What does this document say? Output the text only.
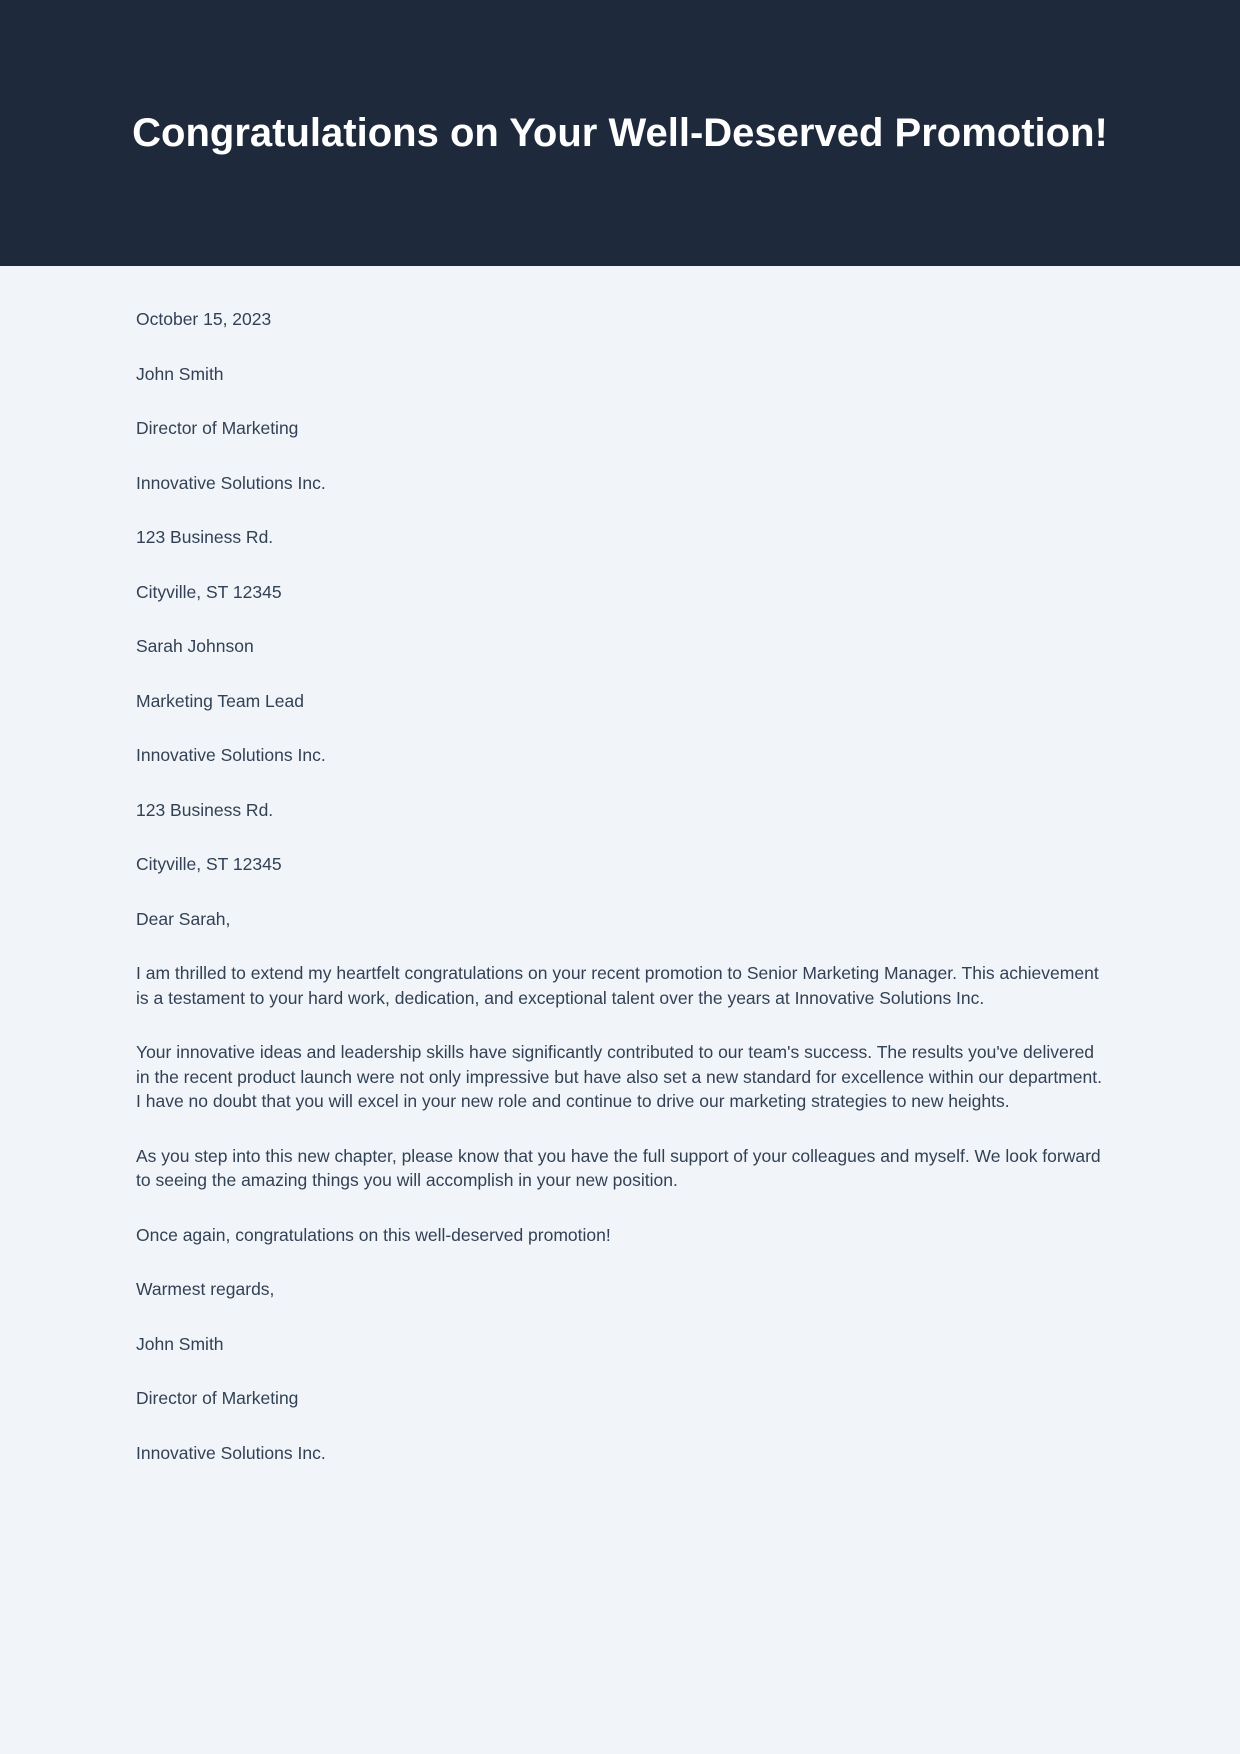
Congratulations on Your Well-Deserved Promotion!

October 15, 2023

John Smith

Director of Marketing

Innovative Solutions Inc.

123 Business Rd.

Cityville, ST 12345

Sarah Johnson

Marketing Team Lead

Innovative Solutions Inc.

123 Business Rd.

Cityville, ST 12345

Dear Sarah,

I am thrilled to extend my heartfelt congratulations on your recent promotion to Senior Marketing Manager. This achievement is a testament to your hard work, dedication, and exceptional talent over the years at Innovative Solutions Inc.

Your innovative ideas and leadership skills have significantly contributed to our team's success. The results you've delivered in the recent product launch were not only impressive but have also set a new standard for excellence within our department. I have no doubt that you will excel in your new role and continue to drive our marketing strategies to new heights.

As you step into this new chapter, please know that you have the full support of your colleagues and myself. We look forward to seeing the amazing things you will accomplish in your new position.

Once again, congratulations on this well-deserved promotion!

Warmest regards,

John Smith

Director of Marketing

Innovative Solutions Inc.
